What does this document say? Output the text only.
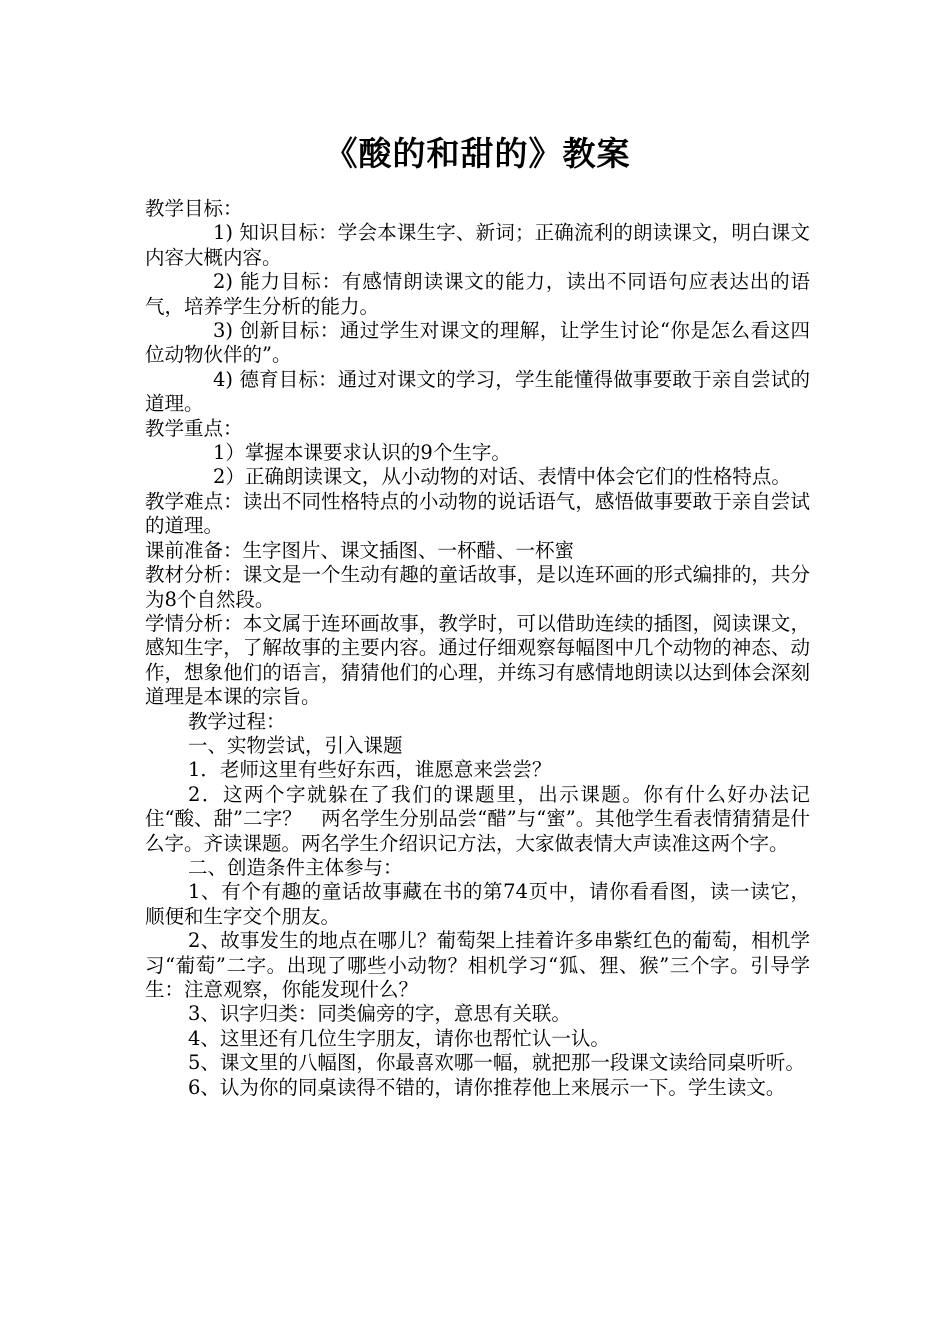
《酸的和甜的》教案

教学目标：

1) 知识目标：学会本课生字、新词；正确流利的朗读课文，明白课文内容大概内容。

2) 能力目标：有感情朗读课文的能力，读出不同语句应表达出的语气，培养学生分析的能力。

3) 创新目标：通过学生对课文的理解，让学生讨论“你是怎么看这四位动物伙伴的”。

4) 德育目标：通过对课文的学习，学生能懂得做事要敢于亲自尝试的道理。

教学重点：

1）掌握本课要求认识的9个生字。

2）正确朗读课文，从小动物的对话、表情中体会它们的性格特点。

教学难点：读出不同性格特点的小动物的说话语气，感悟做事要敢于亲自尝试的道理。

课前准备：生字图片、课文插图、一杯醋、一杯蜜

教材分析：课文是一个生动有趣的童话故事，是以连环画的形式编排的，共分为8个自然段。

学情分析：本文属于连环画故事，教学时，可以借助连续的插图，阅读课文，感知生字，了解故事的主要内容。通过仔细观察每幅图中几个动物的神态、动作，想象他们的语言，猜猜他们的心理，并练习有感情地朗读以达到体会深刻道理是本课的宗旨。

教学过程：

一、实物尝试，引入课题

1．老师这里有些好东西，谁愿意来尝尝？

2．这两个字就躲在了我们的课题里，出示课题。你有什么好办法记住“酸、甜”二字？　两名学生分别品尝“醋”与“蜜”。其他学生看表情猜猜是什么字。齐读课题。两名学生介绍识记方法，大家做表情大声读准这两个字。

二、创造条件主体参与：

1、有个有趣的童话故事藏在书的第74页中，请你看看图，读一读它，顺便和生字交个朋友。

2、故事发生的地点在哪儿？葡萄架上挂着许多串紫红色的葡萄，相机学习“葡萄”二字。出现了哪些小动物？相机学习“狐、狸、猴”三个字。引导学生：注意观察，你能发现什么？

3、识字归类：同类偏旁的字，意思有关联。

4、这里还有几位生字朋友，请你也帮忙认一认。

5、课文里的八幅图，你最喜欢哪一幅，就把那一段课文读给同桌听听。

6、认为你的同桌读得不错的，请你推荐他上来展示一下。学生读文。
